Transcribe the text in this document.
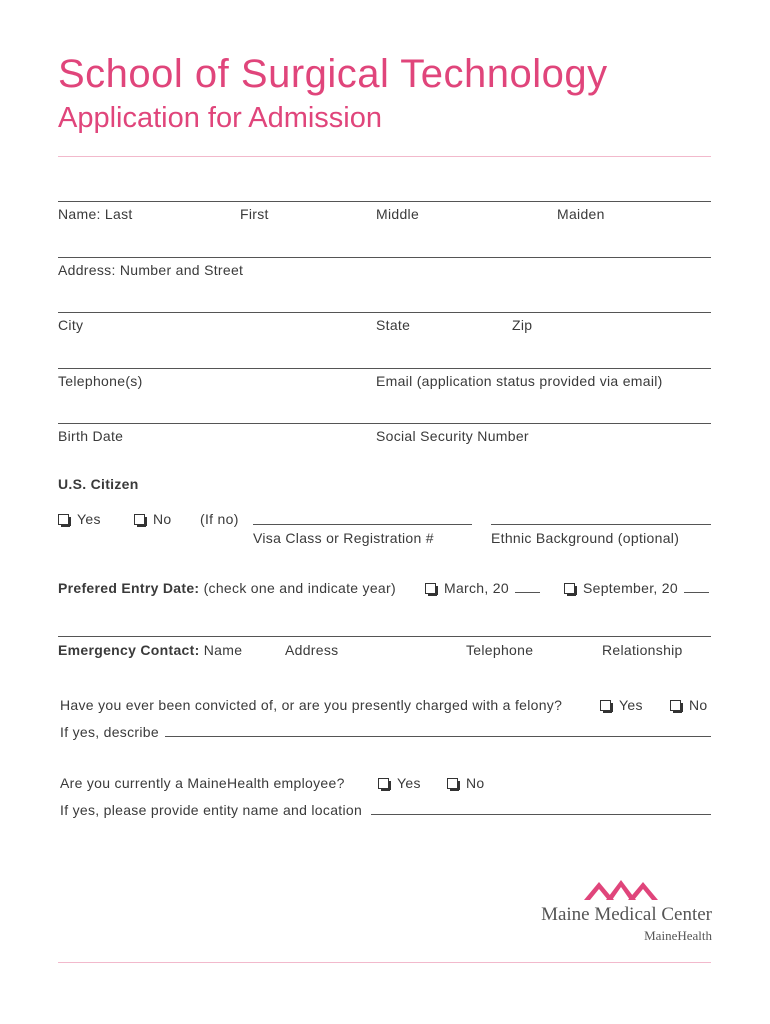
School of Surgical Technology
Application for Admission
Name: Last	First	Middle	Maiden
Address: Number and Street
City	State	Zip
Telephone(s)	Email (application status provided via email)
Birth Date	Social Security Number
U.S. Citizen
Yes	No (If no)
Visa Class or Registration #	Ethnic Background (optional)
Prefered Entry Date: (check one and indicate year)	March, 20	September, 20
Emergency Contact: Name	Address	Telephone	Relationship
Have you ever been convicted of, or are you presently charged with a felony?	Yes	No
If yes, describe
Are you currently a MaineHealth employee?	Yes	No
If yes, please provide entity name and location
Maine Medical Center
MaineHealth
